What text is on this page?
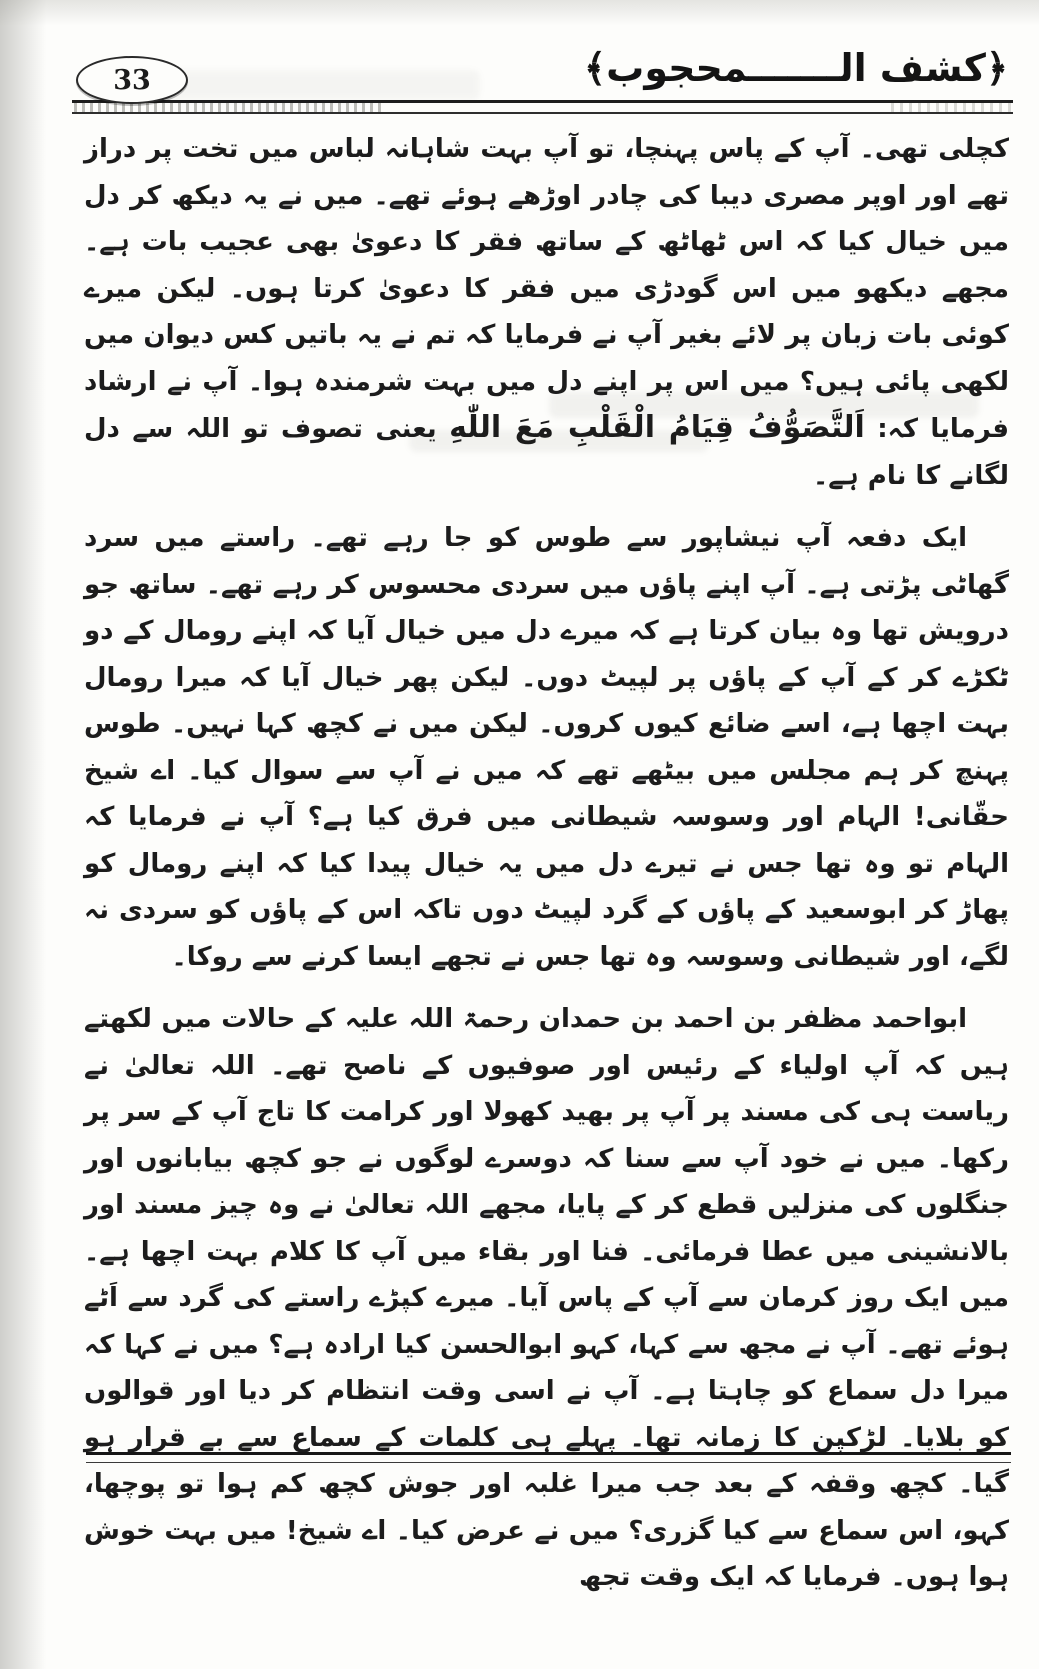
33	﴿کشف الـــــــمحجوب﴾

کچلی تھی۔ آپ کے پاس پہنچا، تو آپ بہت شاہانہ لباس میں تخت پر دراز تھے اور اوپر مصری دیبا کی چادر اوڑھے ہوئے تھے۔ میں نے یہ دیکھ کر دل میں خیال کیا کہ اس ٹھاٹھ کے ساتھ فقر کا دعویٰ بھی عجیب بات ہے۔ مجھے دیکھو میں اس گودڑی میں فقر کا دعویٰ کرتا ہوں۔ لیکن میرے کوئی بات زبان پر لائے بغیر آپ نے فرمایا کہ تم نے یہ باتیں کس دیوان میں لکھی پائی ہیں؟ میں اس پر اپنے دل میں بہت شرمندہ ہوا۔ آپ نے ارشاد فرمایا کہ: اَلتَّصَوُّفُ قِيَامُ الْقَلْبِ مَعَ اللّٰهِ یعنی تصوف تو اللہ سے دل لگانے کا نام ہے۔

ایک دفعہ آپ نیشاپور سے طوس کو جا رہے تھے۔ راستے میں سرد گھاٹی پڑتی ہے۔ آپ اپنے پاؤں میں سردی محسوس کر رہے تھے۔ ساتھ جو درویش تھا وہ بیان کرتا ہے کہ میرے دل میں خیال آیا کہ اپنے رومال کے دو ٹکڑے کر کے آپ کے پاؤں پر لپیٹ دوں۔ لیکن پھر خیال آیا کہ میرا رومال بہت اچھا ہے، اسے ضائع کیوں کروں۔ لیکن میں نے کچھ کہا نہیں۔ طوس پہنچ کر ہم مجلس میں بیٹھے تھے کہ میں نے آپ سے سوال کیا۔ اے شیخ حقّانی! الہام اور وسوسہ شیطانی میں فرق کیا ہے؟ آپ نے فرمایا کہ الہام تو وہ تھا جس نے تیرے دل میں یہ خیال پیدا کیا کہ اپنے رومال کو پھاڑ کر ابوسعید کے پاؤں کے گرد لپیٹ دوں تاکہ اس کے پاؤں کو سردی نہ لگے، اور شیطانی وسوسہ وہ تھا جس نے تجھے ایسا کرنے سے روکا۔

ابواحمد مظفر بن احمد بن حمدان رحمۃ اللہ علیہ کے حالات میں لکھتے ہیں کہ آپ اولیاء کے رئیس اور صوفیوں کے ناصح تھے۔ اللہ تعالیٰ نے ریاست ہی کی مسند پر آپ پر بھید کھولا اور کرامت کا تاج آپ کے سر پر رکھا۔ میں نے خود آپ سے سنا کہ دوسرے لوگوں نے جو کچھ بیابانوں اور جنگلوں کی منزلیں قطع کر کے پایا، مجھے اللہ تعالیٰ نے وہ چیز مسند اور بالانشینی میں عطا فرمائی۔ فنا اور بقاء میں آپ کا کلام بہت اچھا ہے۔ میں ایک روز کرمان سے آپ کے پاس آیا۔ میرے کپڑے راستے کی گرد سے اَٹے ہوئے تھے۔ آپ نے مجھ سے کہا، کہو ابوالحسن کیا ارادہ ہے؟ میں نے کہا کہ میرا دل سماع کو چاہتا ہے۔ آپ نے اسی وقت انتظام کر دیا اور قوالوں کو بلایا۔ لڑکپن کا زمانہ تھا۔ پہلے ہی کلمات کے سماع سے بے قرار ہو گیا۔ کچھ وقفہ کے بعد جب میرا غلبہ اور جوش کچھ کم ہوا تو پوچھا، کہو، اس سماع سے کیا گزری؟ میں نے عرض کیا۔ اے شیخ! میں بہت خوش ہوا ہوں۔ فرمایا کہ ایک وقت تجھ
